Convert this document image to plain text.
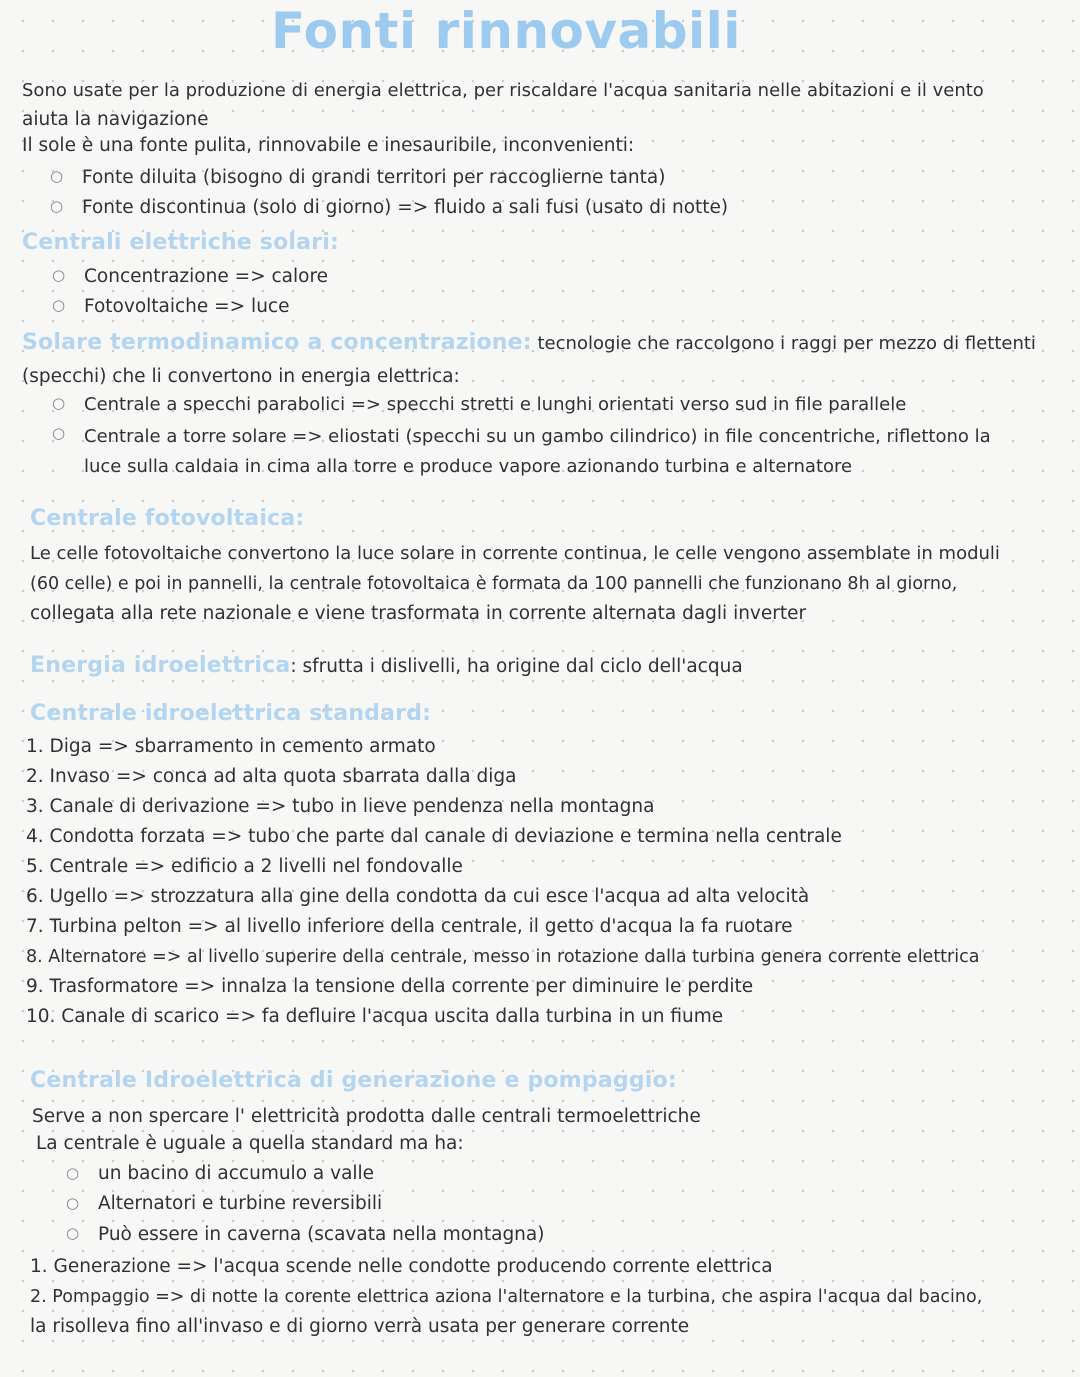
Fonti rinnovabili
Sono usate per la produzione di energia elettrica, per riscaldare l'acqua sanitaria nelle abitazioni e il vento
aiuta la navigazione
Il sole è una fonte pulita, rinnovabile e inesauribile, inconvenienti:
○ Fonte diluita (bisogno di grandi territori per raccoglierne tanta)
○ Fonte discontinua (solo di giorno) => fluido a sali fusi (usato di notte)
Centrali elettriche solari:
○ Concentrazione => calore
○ Fotovoltaiche => luce
Solare termodinamico a concentrazione: tecnologie che raccolgono i raggi per mezzo di flettenti
(specchi) che li convertono in energia elettrica:
○ Centrale a specchi parabolici => specchi stretti e lunghi orientati verso sud in file parallele
○ Centrale a torre solare => eliostati (specchi su un gambo cilindrico) in file concentriche, riflettono la
luce sulla caldaia in cima alla torre e produce vapore azionando turbina e alternatore
Centrale fotovoltaica:
Le celle fotovoltaiche convertono la luce solare in corrente continua, le celle vengono assemblate in moduli
(60 celle) e poi in pannelli, la centrale fotovoltaica è formata da 100 pannelli che funzionano 8h al giorno,
collegata alla rete nazionale e viene trasformata in corrente alternata dagli inverter
Energia idroelettrica: sfrutta i dislivelli, ha origine dal ciclo dell'acqua
Centrale idroelettrica standard:
1. Diga => sbarramento in cemento armato
2. Invaso => conca ad alta quota sbarrata dalla diga
3. Canale di derivazione => tubo in lieve pendenza nella montagna
4. Condotta forzata => tubo che parte dal canale di deviazione e termina nella centrale
5. Centrale => edificio a 2 livelli nel fondovalle
6. Ugello => strozzatura alla gine della condotta da cui esce l'acqua ad alta velocità
7. Turbina pelton => al livello inferiore della centrale, il getto d'acqua la fa ruotare
8. Alternatore => al livello superire della centrale, messo in rotazione dalla turbina genera corrente elettrica
9. Trasformatore => innalza la tensione della corrente per diminuire le perdite
10. Canale di scarico => fa defluire l'acqua uscita dalla turbina in un fiume
Centrale Idroelettrica di generazione e pompaggio:
Serve a non spercare l' elettricità prodotta dalle centrali termoelettriche
La centrale è uguale a quella standard ma ha:
○ un bacino di accumulo a valle
○ Alternatori e turbine reversibili
○ Può essere in caverna (scavata nella montagna)
1. Generazione => l'acqua scende nelle condotte producendo corrente elettrica
2. Pompaggio => di notte la corente elettrica aziona l'alternatore e la turbina, che aspira l'acqua dal bacino,
la risolleva fino all'invaso e di giorno verrà usata per generare corrente
